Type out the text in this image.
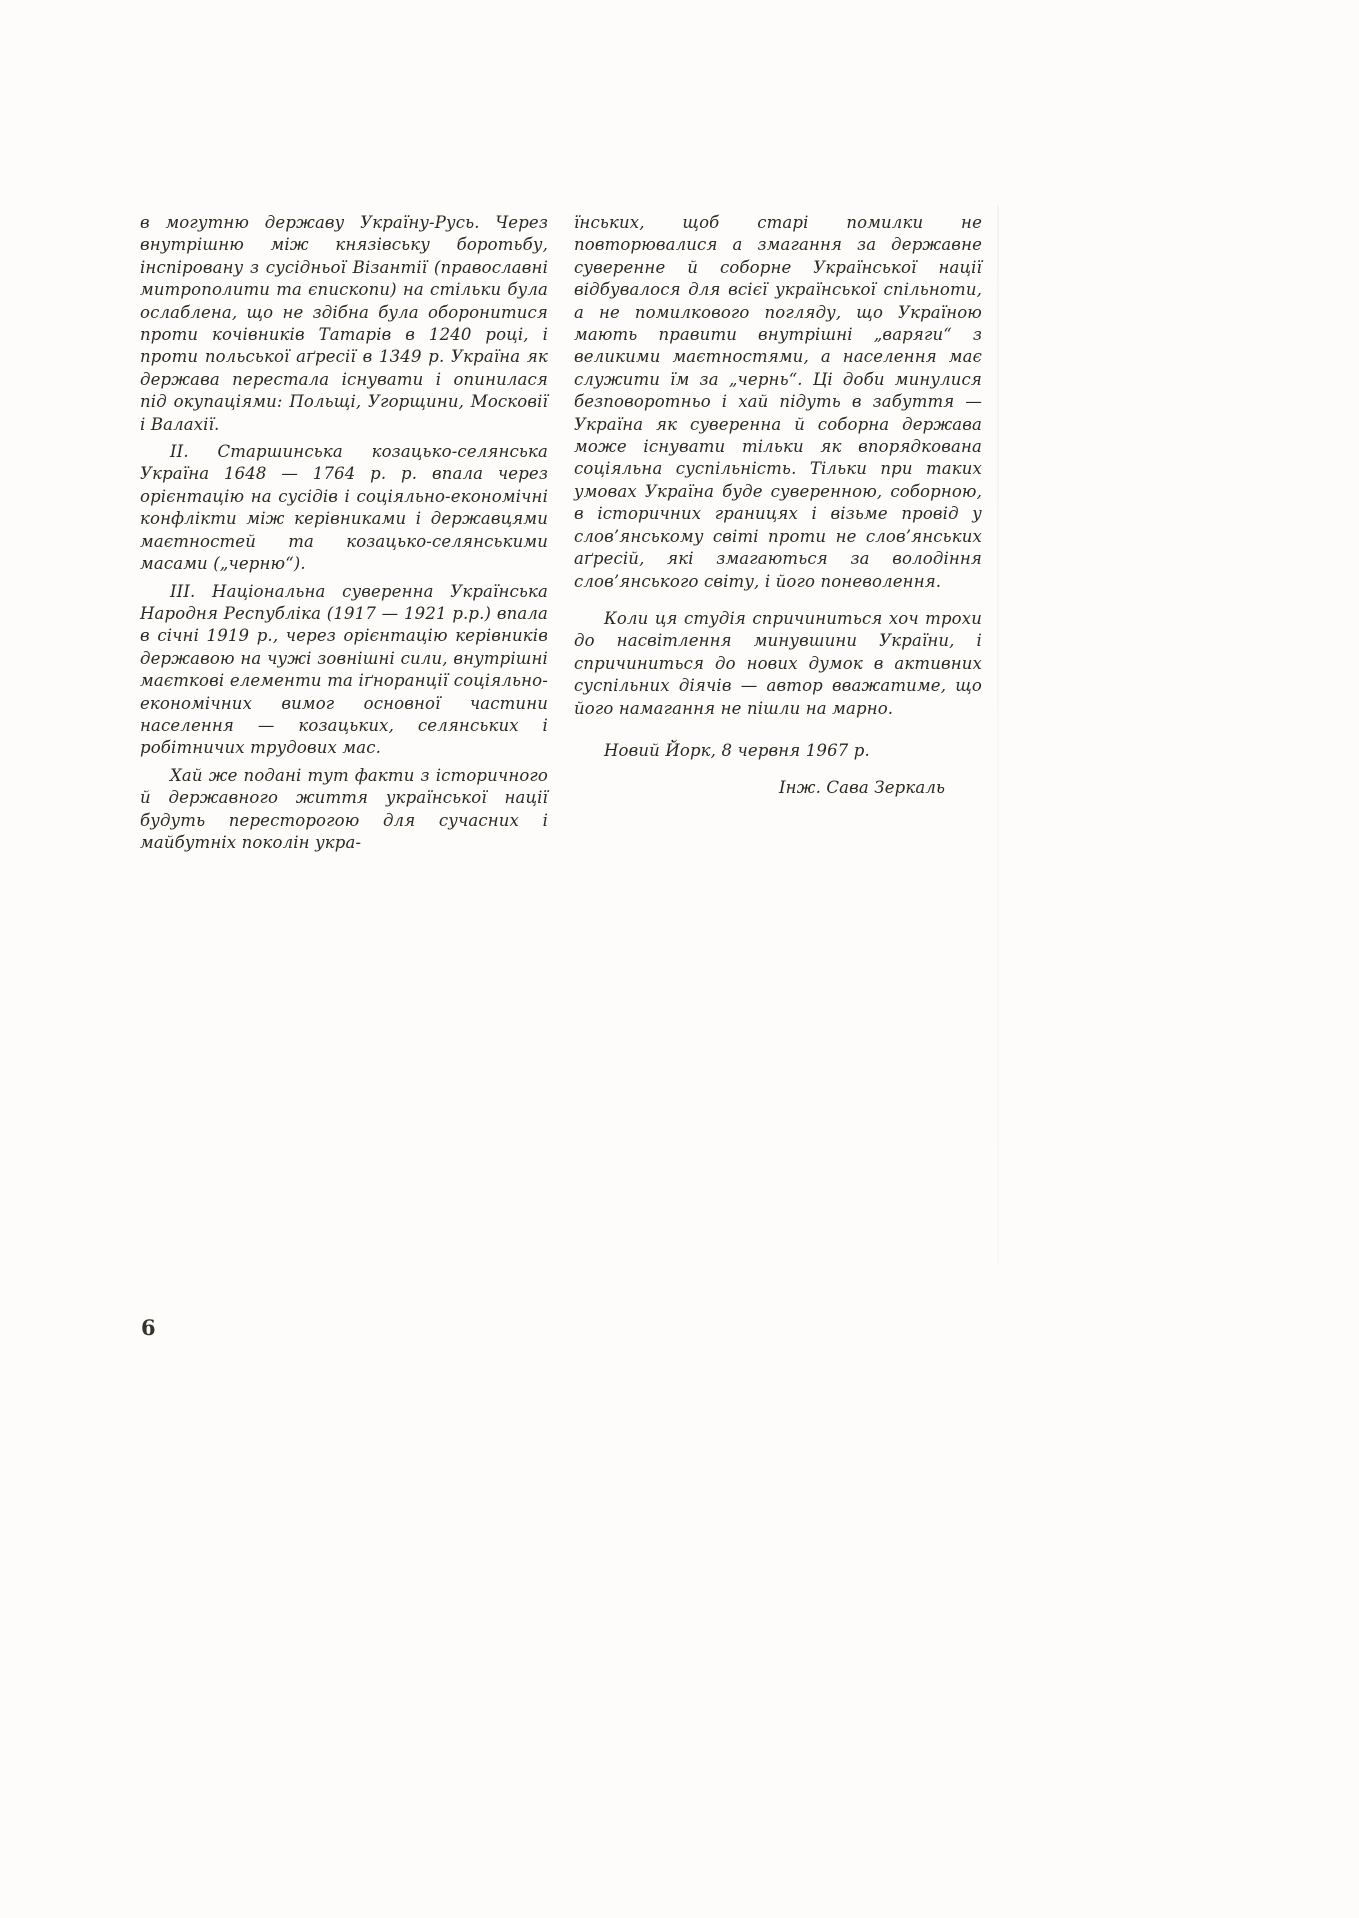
в могутню державу Україну-Русь. Через внутрішню між князівську боротьбу, інспіровану з сусідньої Візантії (православні митрополити та єпископи) на стільки була ослаблена, що не здібна була оборонитися проти кочівників Татарів в 1240 році, і проти польської аґресії в 1349 р. Україна як держава перестала існувати і опинилася під окупаціями: Польщі, Угорщини, Московії і Валахії.

II. Старшинська козацько-селянська Україна 1648 — 1764 р. р. впала через орієнтацію на сусідів і соціяльно-економічні конфлікти між керівниками і державцями маєтностей та козацько-селянськими масами („черню“).

III. Національна суверенна Українська Народня Республіка (1917 — 1921 р.р.) впала в січні 1919 р., через орієнтацію керівників державою на чужі зовнішні сили, внутрішні маєткові елементи та іґноранції соціяльно-економічних вимог основної частини населення — козацьких, селянських і робітничих трудових мас.

Хай же подані тут факти з історичного й державного життя української нації будуть пересторогою для сучасних і майбутніх поколін укра-

їнських, щоб старі помилки не повторювалися а змагання за державне суверенне й соборне Української нації відбувалося для всієї української спільноти, а не помилкового погляду, що Україною мають правити внутрішні „варяги“ з великими маєтностями, а населення має служити їм за „чернь“. Ці доби минулися безповоротньо і хай підуть в забуття — Україна як суверенна й соборна держава може існувати тільки як впорядкована соціяльна суспільність. Тільки при таких умовах Україна буде суверенною, соборною, в історичних границях і візьме провід у слов’янському світі проти не слов’янських аґресій, які змагаються за володіння слов’янського світу, і його поневолення.

Коли ця студія спричиниться хоч трохи до насвітлення минувшини України, і спричиниться до нових думок в активних суспільних діячів — автор вважатиме, що його намагання не пішли на марно.

Новий Йорк, 8 червня 1967 р.

Інж. Сава Зеркаль

6
